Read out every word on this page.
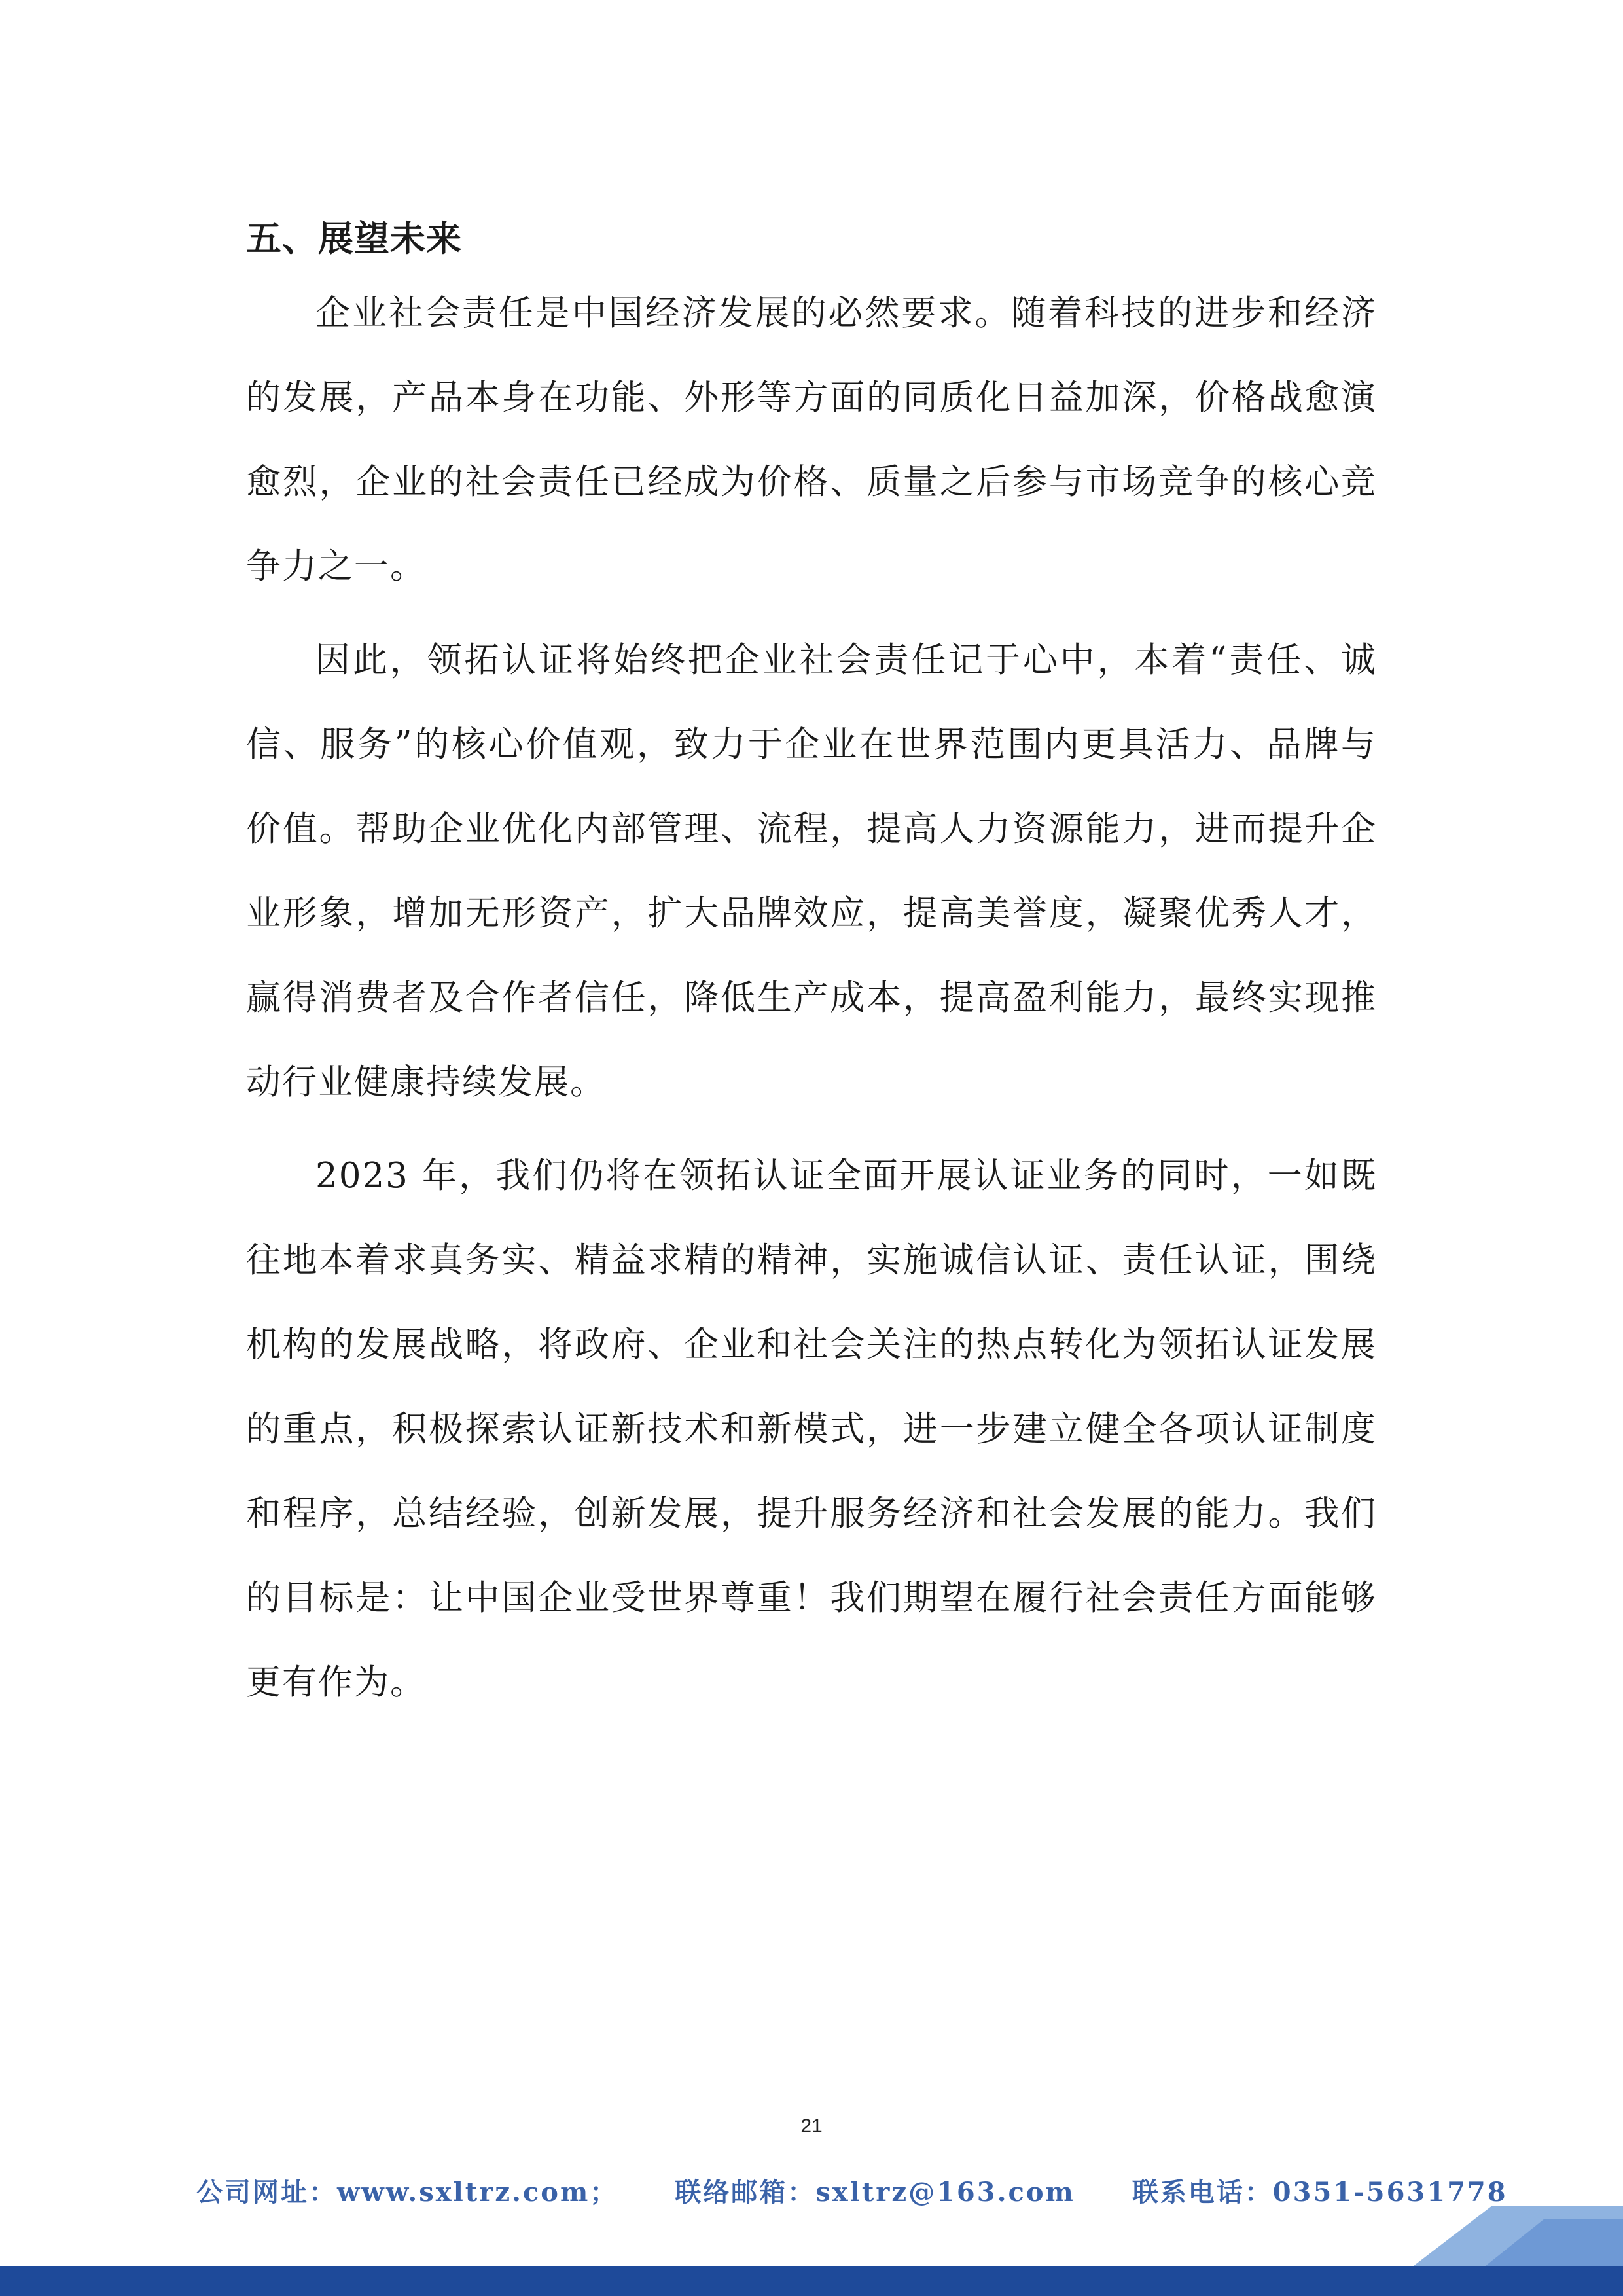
五、展望未来

企业社会责任是中国经济发展的必然要求。随着科技的进步和经济的发展，产品本身在功能、外形等方面的同质化日益加深，价格战愈演愈烈，企业的社会责任已经成为价格、质量之后参与市场竞争的核心竞争力之一。

因此，领拓认证将始终把企业社会责任记于心中，本着“责任、诚信、服务”的核心价值观，致力于企业在世界范围内更具活力、品牌与价值。帮助企业优化内部管理、流程，提高人力资源能力，进而提升企业形象，增加无形资产，扩大品牌效应，提高美誉度，凝聚优秀人才，赢得消费者及合作者信任，降低生产成本，提高盈利能力，最终实现推动行业健康持续发展。

2023 年，我们仍将在领拓认证全面开展认证业务的同时，一如既往地本着求真务实、精益求精的精神，实施诚信认证、责任认证，围绕机构的发展战略，将政府、企业和社会关注的热点转化为领拓认证发展的重点，积极探索认证新技术和新模式，进一步建立健全各项认证制度和程序，总结经验，创新发展，提升服务经济和社会发展的能力。我们的目标是：让中国企业受世界尊重！我们期望在履行社会责任方面能够更有作为。

21
公司网址：www.sxltrz.com； 联络邮箱：sxltrz@163.com 联系电话：0351-5631778
